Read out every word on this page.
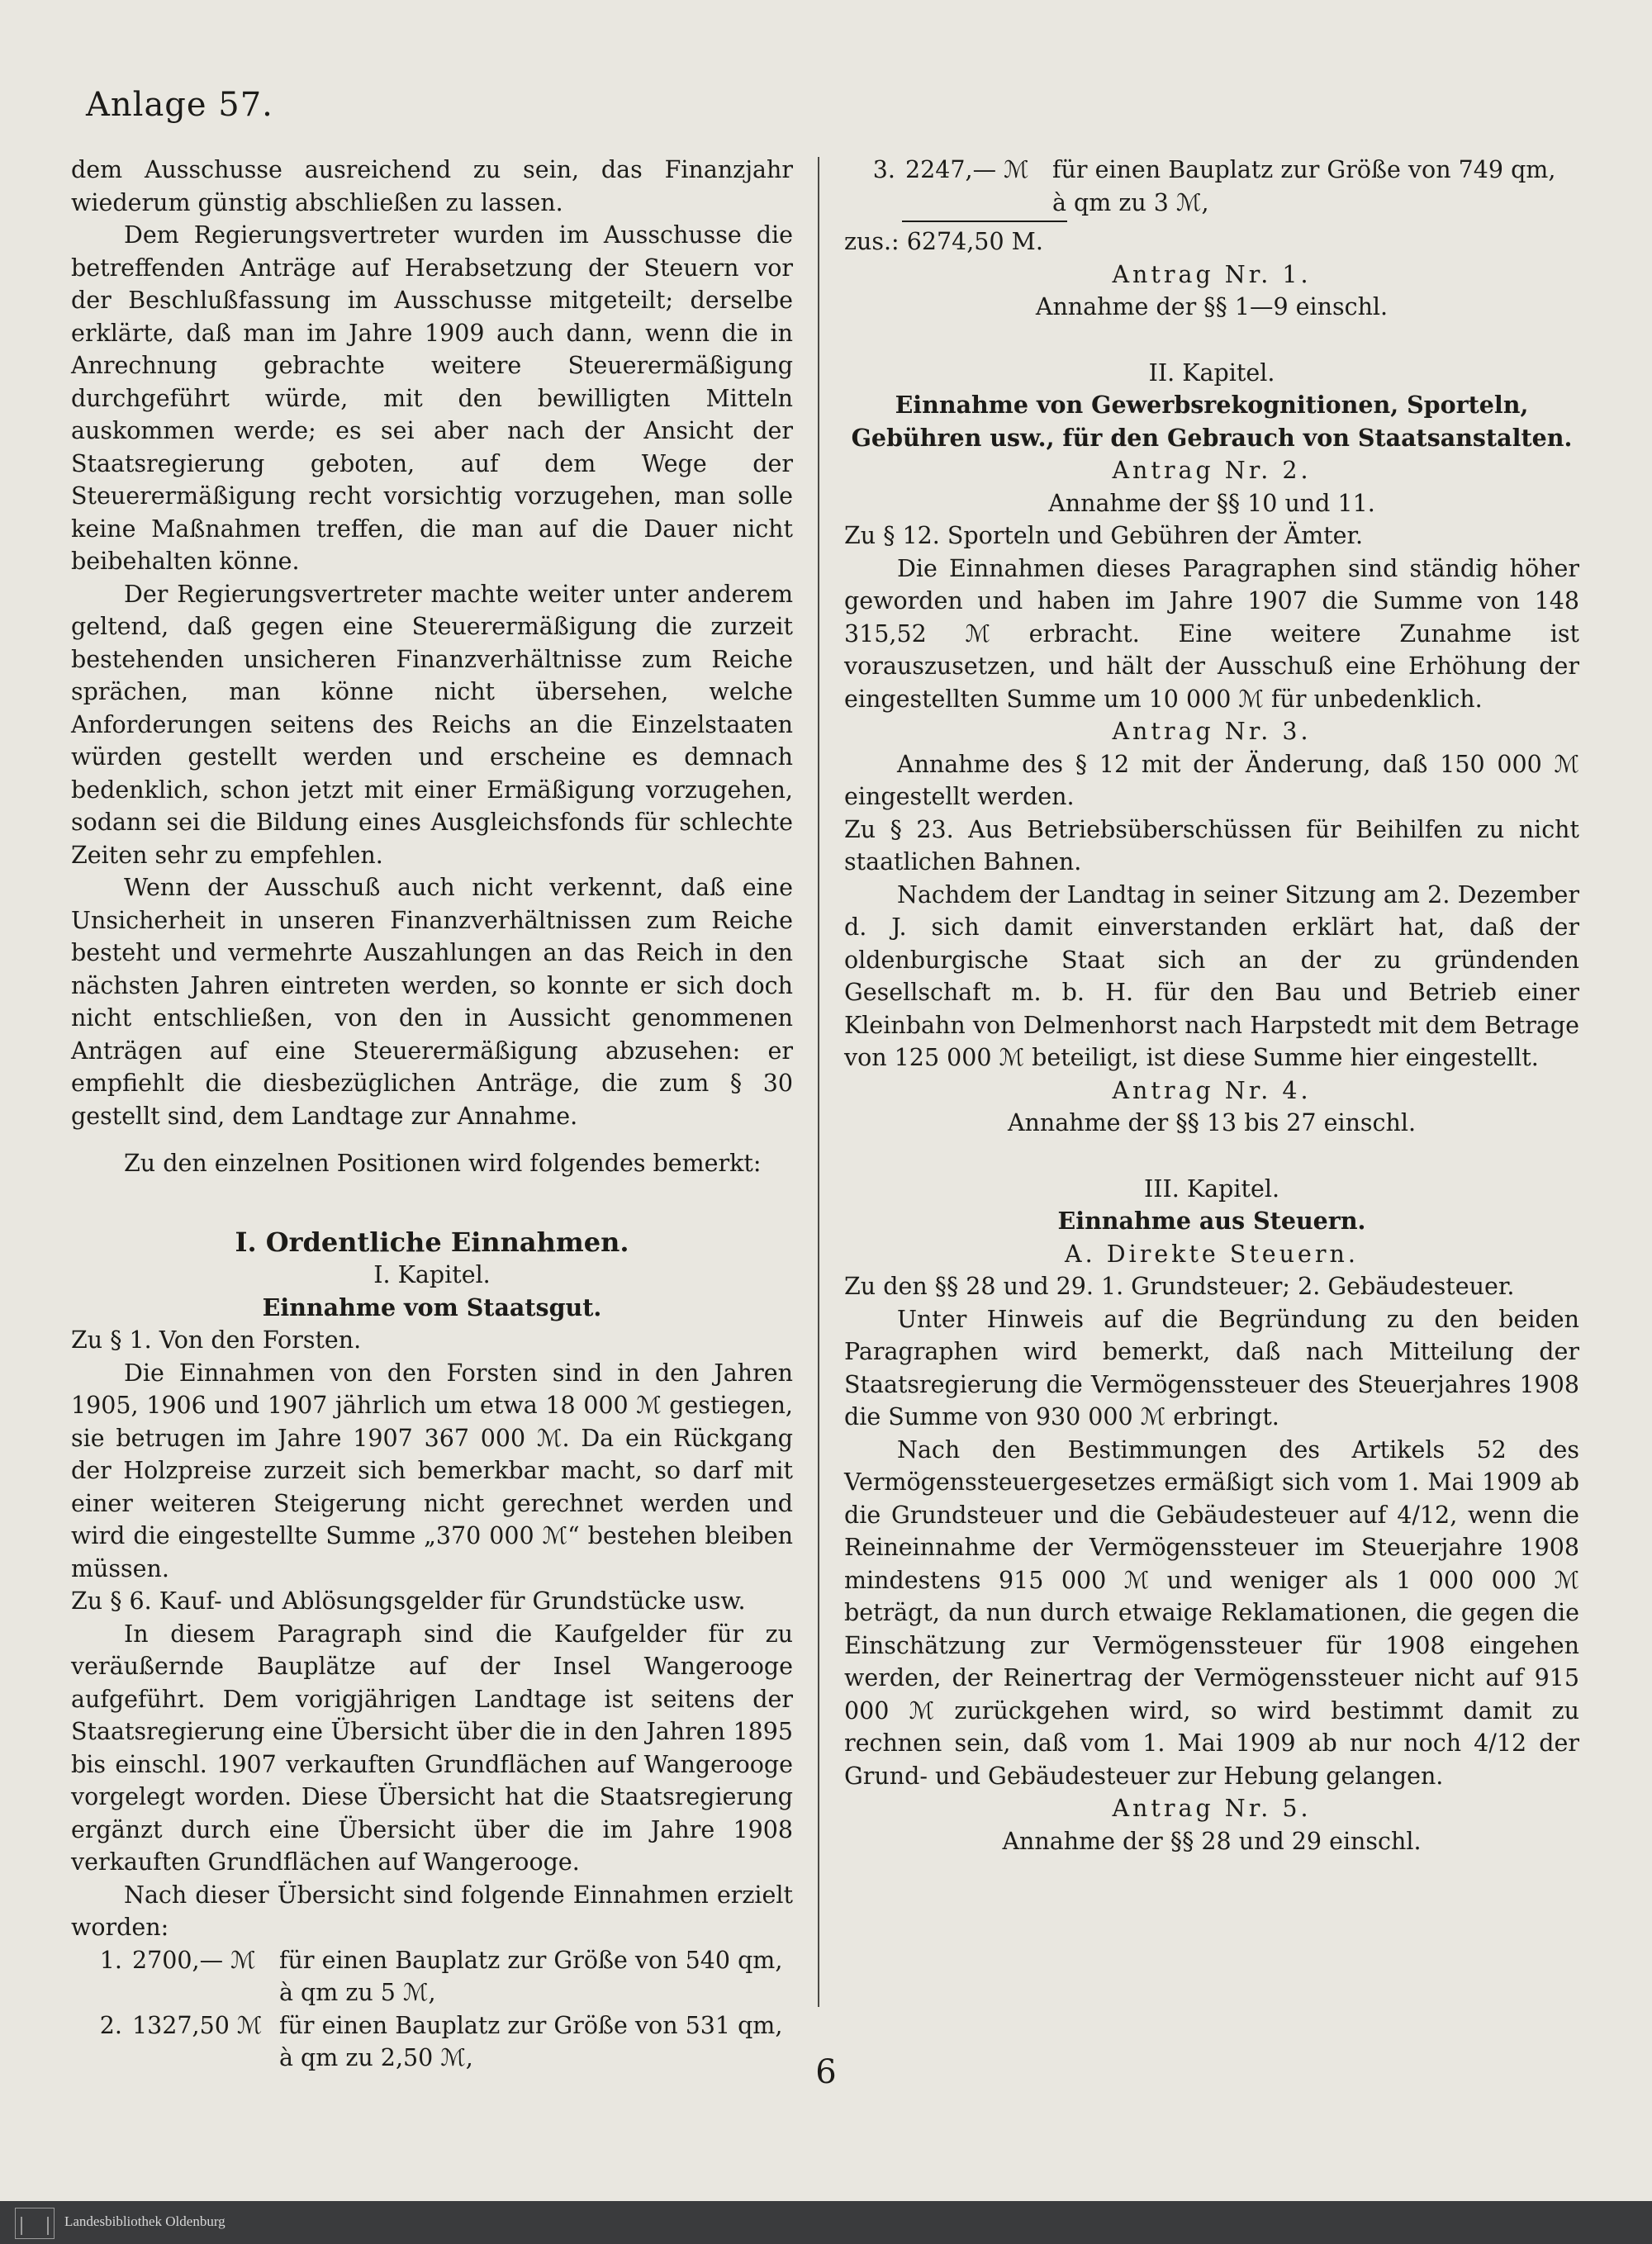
Anlage 57.

dem Ausschusse ausreichend zu sein, das Finanzjahr wiederum günstig abschließen zu lassen.

Dem Regierungsvertreter wurden im Ausschusse die betreffenden Anträge auf Herabsetzung der Steuern vor der Beschlußfassung im Ausschusse mitgeteilt; derselbe erklärte, daß man im Jahre 1909 auch dann, wenn die in Anrechnung gebrachte weitere Steuerermäßigung durchgeführt würde, mit den bewilligten Mitteln auskommen werde; es sei aber nach der Ansicht der Staatsregierung geboten, auf dem Wege der Steuerermäßigung recht vorsichtig vorzugehen, man solle keine Maßnahmen treffen, die man auf die Dauer nicht beibehalten könne.

Der Regierungsvertreter machte weiter unter anderem geltend, daß gegen eine Steuerermäßigung die zurzeit bestehenden unsicheren Finanzverhältnisse zum Reiche sprächen, man könne nicht übersehen, welche Anforderungen seitens des Reichs an die Einzelstaaten würden gestellt werden und erscheine es demnach bedenklich, schon jetzt mit einer Ermäßigung vorzugehen, sodann sei die Bildung eines Ausgleichsfonds für schlechte Zeiten sehr zu empfehlen.

Wenn der Ausschuß auch nicht verkennt, daß eine Unsicherheit in unseren Finanzverhältnissen zum Reiche besteht und vermehrte Auszahlungen an das Reich in den nächsten Jahren eintreten werden, so konnte er sich doch nicht entschließen, von den in Aussicht genommenen Anträgen auf eine Steuerermäßigung abzusehen: er empfiehlt die diesbezüglichen Anträge, die zum § 30 gestellt sind, dem Landtage zur Annahme.

Zu den einzelnen Positionen wird folgendes bemerkt:

I. Ordentliche Einnahmen.

I. Kapitel.

Einnahme vom Staatsgut.

Zu § 1. Von den Forsten.

Die Einnahmen von den Forsten sind in den Jahren 1905, 1906 und 1907 jährlich um etwa 18 000 ℳ gestiegen, sie betrugen im Jahre 1907 367 000 ℳ. Da ein Rückgang der Holzpreise zurzeit sich bemerkbar macht, so darf mit einer weiteren Steigerung nicht gerechnet werden und wird die eingestellte Summe „370 000 ℳ“ bestehen bleiben müssen.

Zu § 6. Kauf- und Ablösungsgelder für Grundstücke usw.

In diesem Paragraph sind die Kaufgelder für zu veräußernde Bauplätze auf der Insel Wangerooge aufgeführt. Dem vorigjährigen Landtage ist seitens der Staatsregierung eine Übersicht über die in den Jahren 1895 bis einschl. 1907 verkauften Grundflächen auf Wangerooge vorgelegt worden. Diese Übersicht hat die Staatsregierung ergänzt durch eine Übersicht über die im Jahre 1908 verkauften Grundflächen auf Wangerooge.

Nach dieser Übersicht sind folgende Einnahmen erzielt worden:

1. 2700,— ℳ für einen Bauplatz zur Größe von 540 qm,
à qm zu 5 ℳ,
2. 1327,50 ℳ für einen Bauplatz zur Größe von 531 qm,
à qm zu 2,50 ℳ,
3. 2247,— ℳ für einen Bauplatz zur Größe von 749 qm,
à qm zu 3 ℳ,

zus.: 6274,50 M.

Antrag Nr. 1.

Annahme der §§ 1—9 einschl.

II. Kapitel.

Einnahme von Gewerbsrekognitionen, Sporteln, Gebühren usw., für den Gebrauch von Staatsanstalten.

Antrag Nr. 2.

Annahme der §§ 10 und 11.

Zu § 12. Sporteln und Gebühren der Ämter.

Die Einnahmen dieses Paragraphen sind ständig höher geworden und haben im Jahre 1907 die Summe von 148 315,52 ℳ erbracht. Eine weitere Zunahme ist vorauszusetzen, und hält der Ausschuß eine Erhöhung der eingestellten Summe um 10 000 ℳ für unbedenklich.

Antrag Nr. 3.

Annahme des § 12 mit der Änderung, daß 150 000 ℳ eingestellt werden.

Zu § 23. Aus Betriebsüberschüssen für Beihilfen zu nicht staatlichen Bahnen.

Nachdem der Landtag in seiner Sitzung am 2. Dezember d. J. sich damit einverstanden erklärt hat, daß der oldenburgische Staat sich an der zu gründenden Gesellschaft m. b. H. für den Bau und Betrieb einer Kleinbahn von Delmenhorst nach Harpstedt mit dem Betrage von 125 000 ℳ beteiligt, ist diese Summe hier eingestellt.

Antrag Nr. 4.

Annahme der §§ 13 bis 27 einschl.

III. Kapitel.

Einnahme aus Steuern.

A. Direkte Steuern.

Zu den §§ 28 und 29. 1. Grundsteuer; 2. Gebäudesteuer.

Unter Hinweis auf die Begründung zu den beiden Paragraphen wird bemerkt, daß nach Mitteilung der Staatsregierung die Vermögenssteuer des Steuerjahres 1908 die Summe von 930 000 ℳ erbringt.

Nach den Bestimmungen des Artikels 52 des Vermögenssteuergesetzes ermäßigt sich vom 1. Mai 1909 ab die Grundsteuer und die Gebäudesteuer auf 4/12, wenn die Reineinnahme der Vermögenssteuer im Steuerjahre 1908 mindestens 915 000 ℳ und weniger als 1 000 000 ℳ beträgt, da nun durch etwaige Reklamationen, die gegen die Einschätzung zur Vermögenssteuer für 1908 eingehen werden, der Reinertrag der Vermögenssteuer nicht auf 915 000 ℳ zurückgehen wird, so wird bestimmt damit zu rechnen sein, daß vom 1. Mai 1909 ab nur noch 4/12 der Grund- und Gebäudesteuer zur Hebung gelangen.

Antrag Nr. 5.

Annahme der §§ 28 und 29 einschl.

6
Landesbibliothek Oldenburg
